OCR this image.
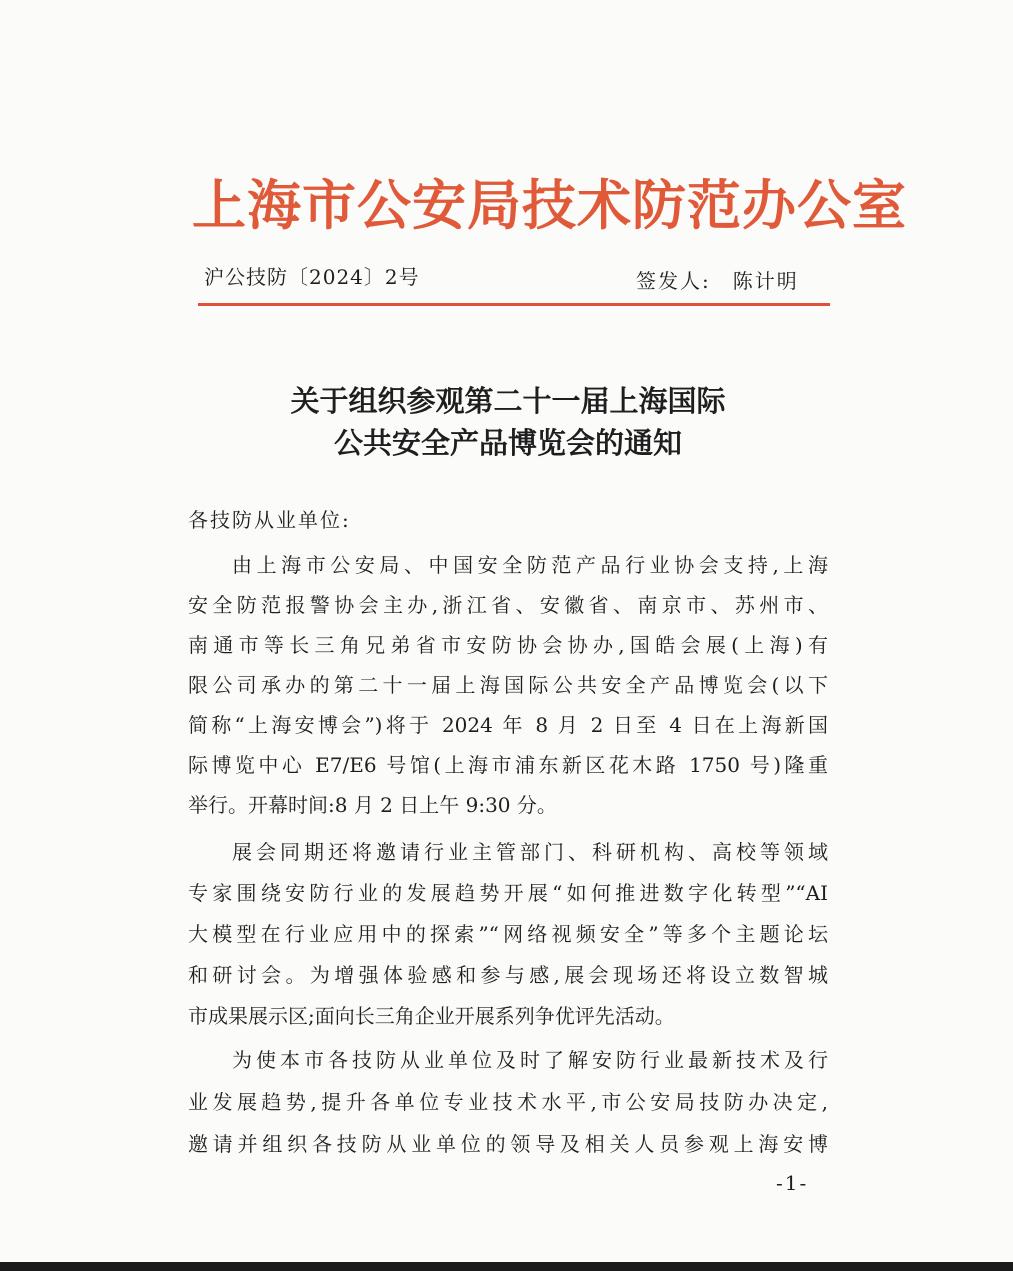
上海市公安局技术防范办公室
沪公技防〔2024〕2号	签发人: 陈计明
关于组织参观第二十一届上海国际
公共安全产品博览会的通知
各技防从业单位:
由上海市公安局、中国安全防范产品行业协会支持,上海
安全防范报警协会主办,浙江省、安徽省、南京市、苏州市、
南通市等长三角兄弟省市安防协会协办,国皓会展(上海)有
限公司承办的第二十一届上海国际公共安全产品博览会(以下
简称“上海安博会”)将于 2024 年 8 月 2 日至 4 日在上海新国
际博览中心 E7/E6 号馆(上海市浦东新区花木路 1750 号)隆重
举行。开幕时间:8 月 2 日上午 9:30 分。
展会同期还将邀请行业主管部门、科研机构、高校等领域
专家围绕安防行业的发展趋势开展“如何推进数字化转型”“AI
大模型在行业应用中的探索”“网络视频安全”等多个主题论坛
和研讨会。为增强体验感和参与感,展会现场还将设立数智城
市成果展示区;面向长三角企业开展系列争优评先活动。
为使本市各技防从业单位及时了解安防行业最新技术及行
业发展趋势,提升各单位专业技术水平,市公安局技防办决定,
邀请并组织各技防从业单位的领导及相关人员参观上海安博
-1-
